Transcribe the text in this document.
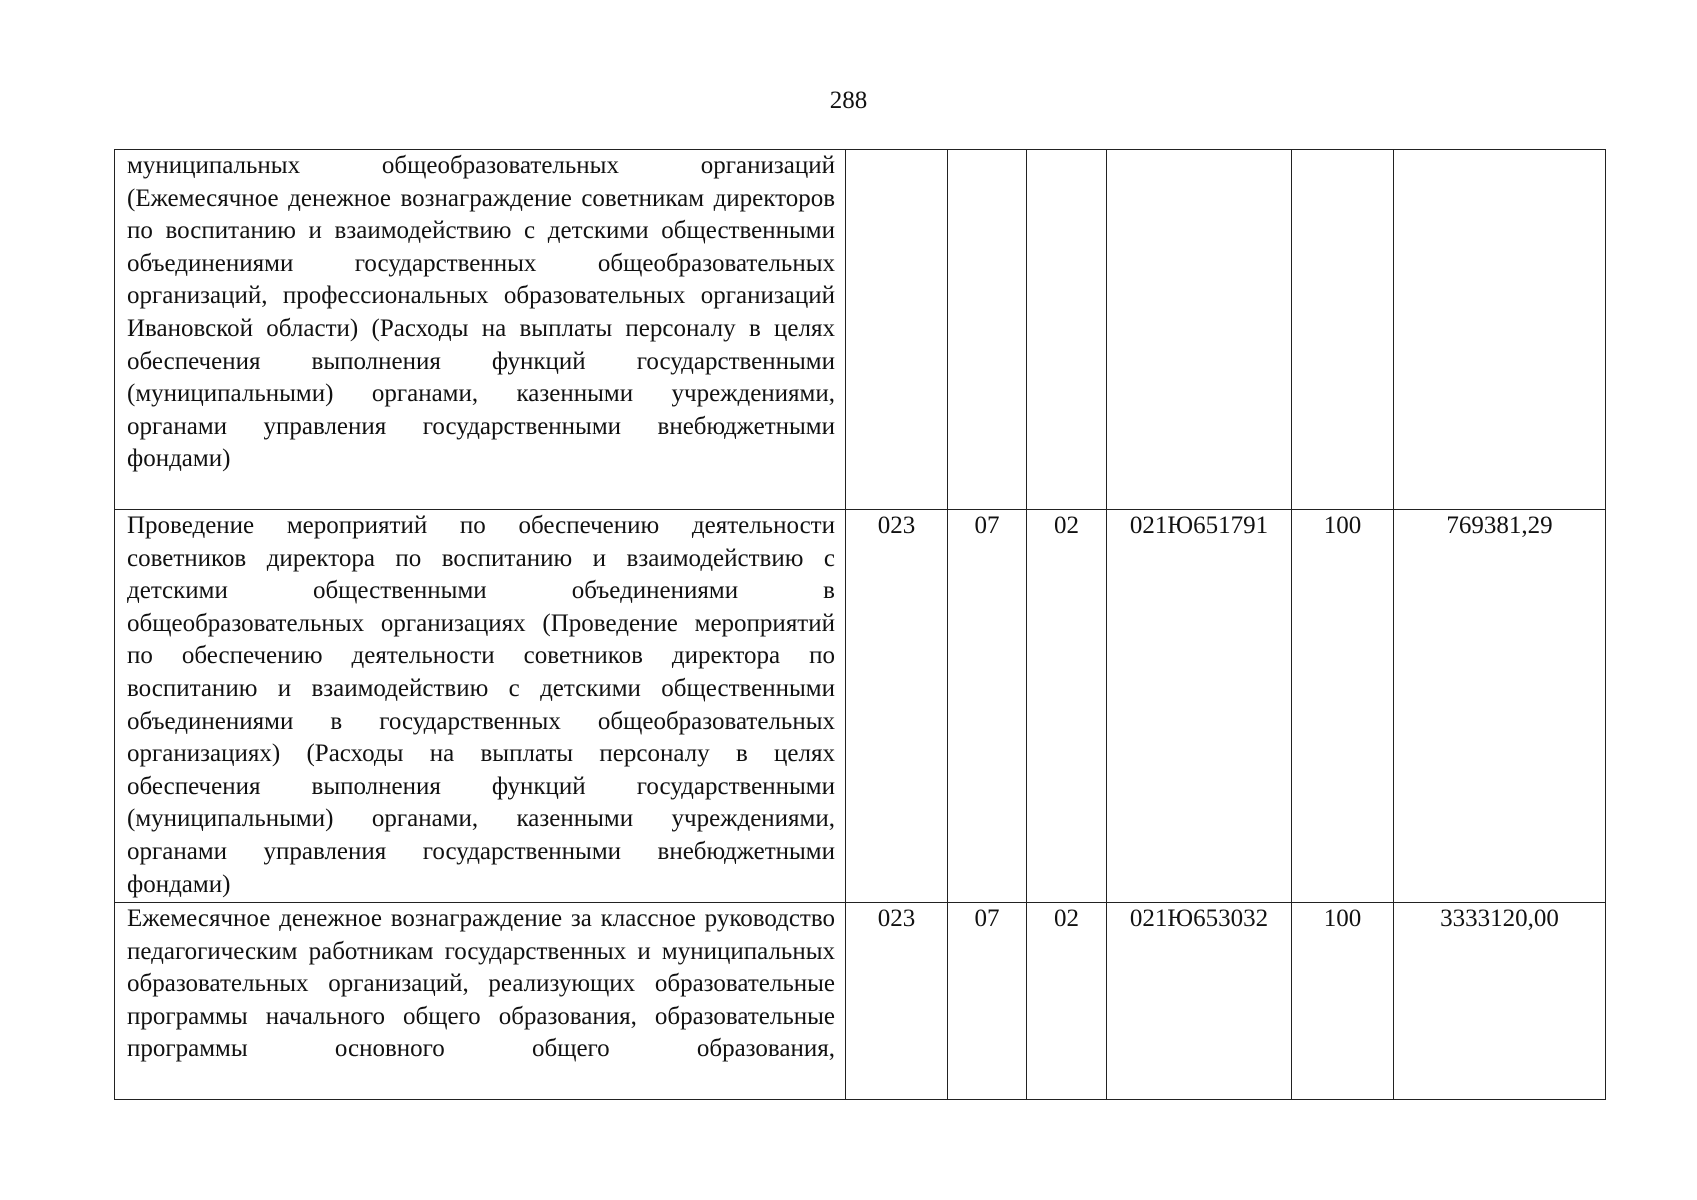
288
муниципальных общеобразовательных организаций (Ежемесячное денежное вознаграждение советникам директоров по воспитанию и взаимодействию с детскими общественными объединениями государственных общеобразовательных организаций, профессиональных образовательных организаций Ивановской области) (Расходы на выплаты персоналу в целях обеспечения выполнения функций государственными (муниципальными) органами, казенными учреждениями, органами управления государственными внебюджетными фондами)						
Проведение мероприятий по обеспечению деятельности советников директора по воспитанию и взаимодействию с детскими общественными объединениями в общеобразовательных организациях (Проведение мероприятий по обеспечению деятельности советников директора по воспитанию и взаимодействию с детскими общественными объединениями в государственных общеобразовательных организациях) (Расходы на выплаты персоналу в целях обеспечения выполнения функций государственными (муниципальными) органами, казенными учреждениями, органами управления государственными внебюджетными фондами)	023	07	02	021Ю651791	100	769381,29
Ежемесячное денежное вознаграждение за классное руководство педагогическим работникам государственных и муниципальных образовательных организаций, реализующих образовательные программы начального общего образования, образовательные программы основного общего образования,	023	07	02	021Ю653032	100	3333120,00
